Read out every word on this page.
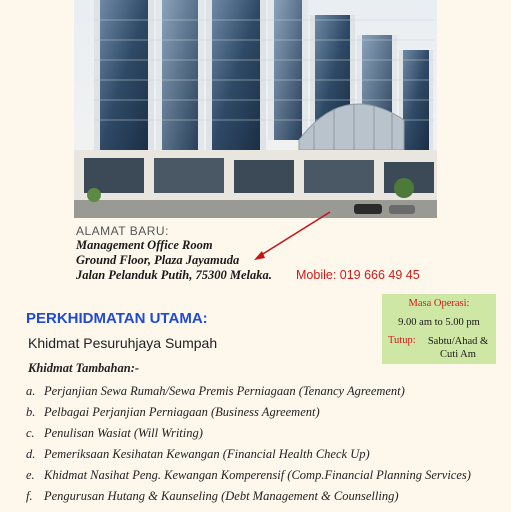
ALAMAT BARU:
Management Office Room
Ground Floor, Plaza Jayamuda
Jalan Pelanduk Putih, 75300 Melaka. Mobile: 019 666 49 45
Masa Operasi:
9.00 am to 5.00 pm
Tutup:	Sabtu/Ahad &
Cuti Am
PERKHIDMATAN UTAMA:
Khidmat Pesuruhjaya Sumpah
Khidmat Tambahan:-
a. Perjanjian Sewa Rumah/Sewa Premis Perniagaan (Tenancy Agreement)
b. Pelbagai Perjanjian Perniagaan (Business Agreement)
c. Penulisan Wasiat (Will Writing)
d. Pemeriksaan Kesihatan Kewangan (Financial Health Check Up)
e. Khidmat Nasihat Peng. Kewangan Komperensif (Comp.Financial Planning Services)
f. Pengurusan Hutang & Kaunseling (Debt Management & Counselling)
